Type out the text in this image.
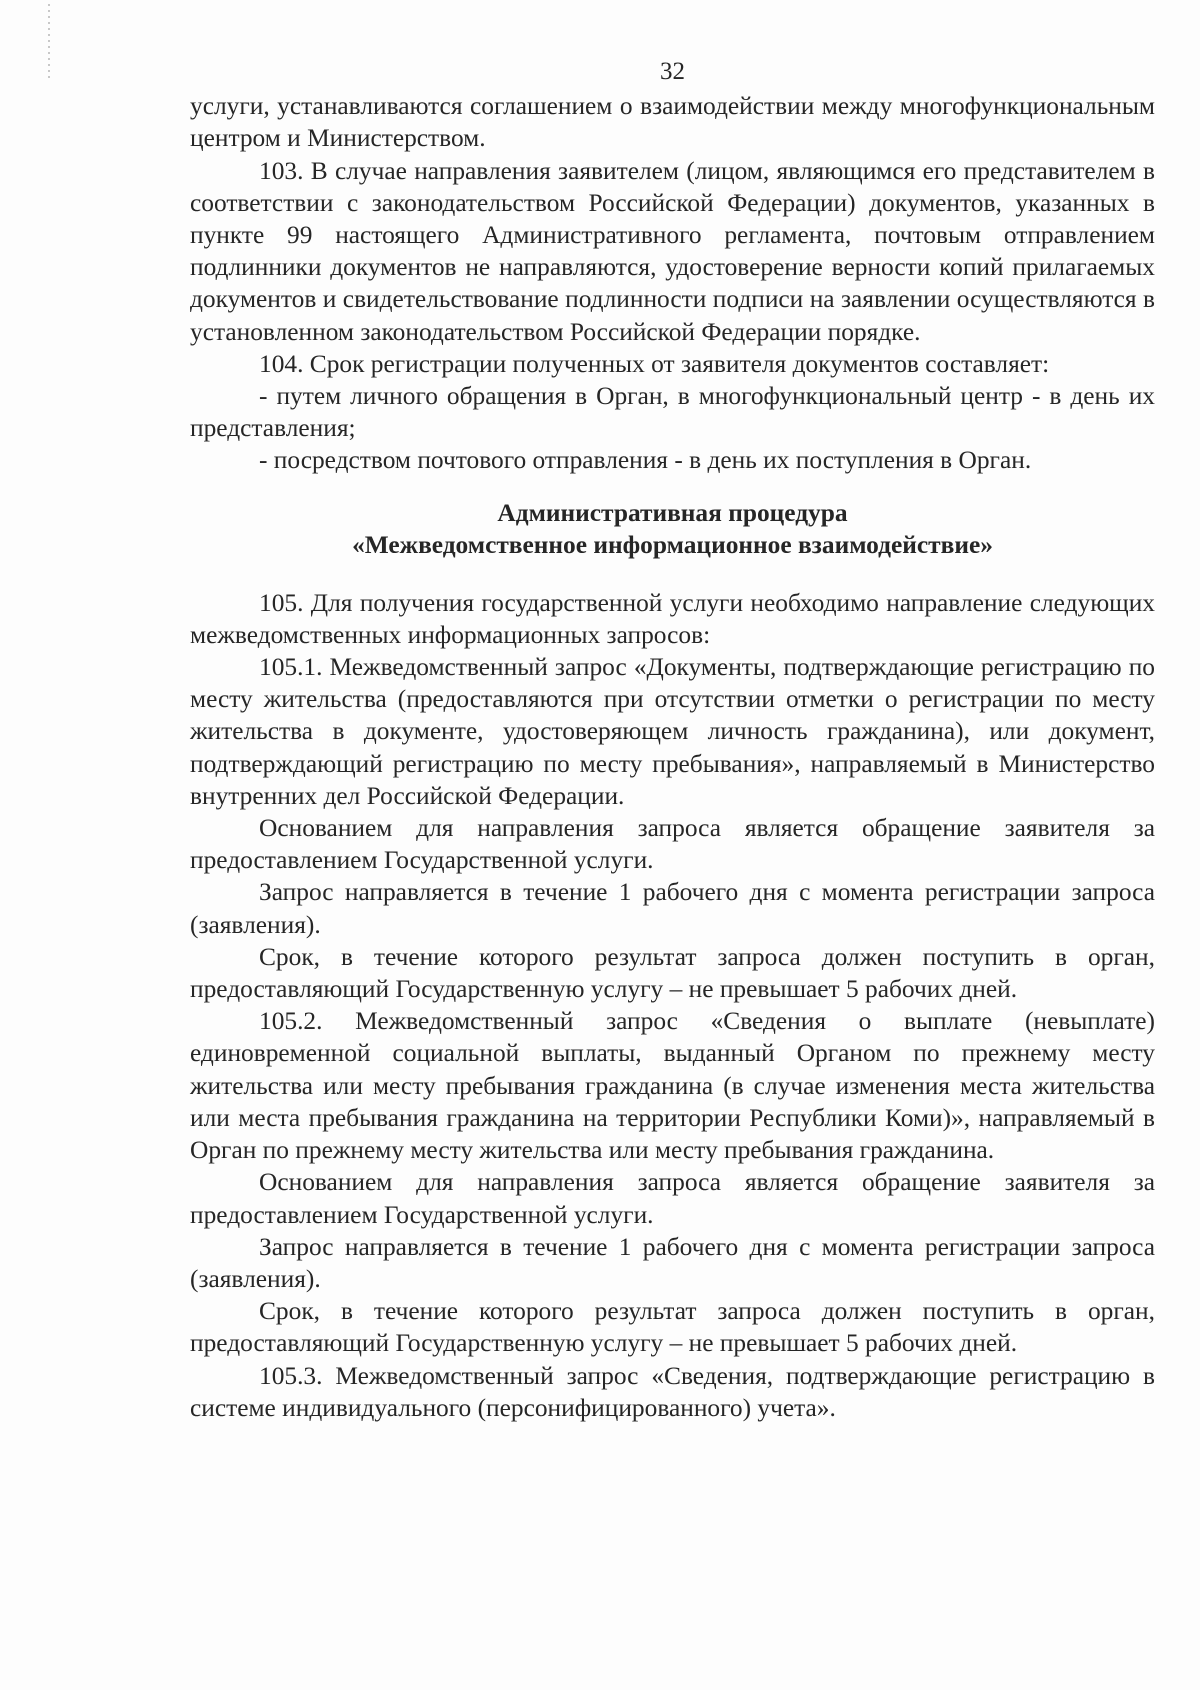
32

услуги, устанавливаются соглашением о взаимодействии между многофункциональным центром и Министерством.

103. В случае направления заявителем (лицом, являющимся его представителем в соответствии с законодательством Российской Федерации) документов, указанных в пункте 99 настоящего Административного регламента, почтовым отправлением подлинники документов не направляются, удостоверение верности копий прилагаемых документов и свидетельствование подлинности подписи на заявлении осуществляются в установленном законодательством Российской Федерации порядке.

104. Срок регистрации полученных от заявителя документов составляет:

- путем личного обращения в Орган, в многофункциональный центр - в день их представления;

- посредством почтового отправления - в день их поступления в Орган.

Административная процедура
«Межведомственное информационное взаимодействие»

105. Для получения государственной услуги необходимо направление следующих межведомственных информационных запросов:

105.1. Межведомственный запрос «Документы, подтверждающие регистрацию по месту жительства (предоставляются при отсутствии отметки о регистрации по месту жительства в документе, удостоверяющем личность гражданина), или документ, подтверждающий регистрацию по месту пребывания», направляемый в Министерство внутренних дел Российской Федерации.

Основанием для направления запроса является обращение заявителя за предоставлением Государственной услуги.

Запрос направляется в течение 1 рабочего дня с момента регистрации запроса (заявления).

Срок, в течение которого результат запроса должен поступить в орган, предоставляющий Государственную услугу – не превышает 5 рабочих дней.

105.2. Межведомственный запрос «Сведения о выплате (невыплате) единовременной социальной выплаты, выданный Органом по прежнему месту жительства или месту пребывания гражданина (в случае изменения места жительства или места пребывания гражданина на территории Республики Коми)», направляемый в Орган по прежнему месту жительства или месту пребывания гражданина.

Основанием для направления запроса является обращение заявителя за предоставлением Государственной услуги.

Запрос направляется в течение 1 рабочего дня с момента регистрации запроса (заявления).

Срок, в течение которого результат запроса должен поступить в орган, предоставляющий Государственную услугу – не превышает 5 рабочих дней.

105.3. Межведомственный запрос «Сведения, подтверждающие регистрацию в системе индивидуального (персонифицированного) учета».
